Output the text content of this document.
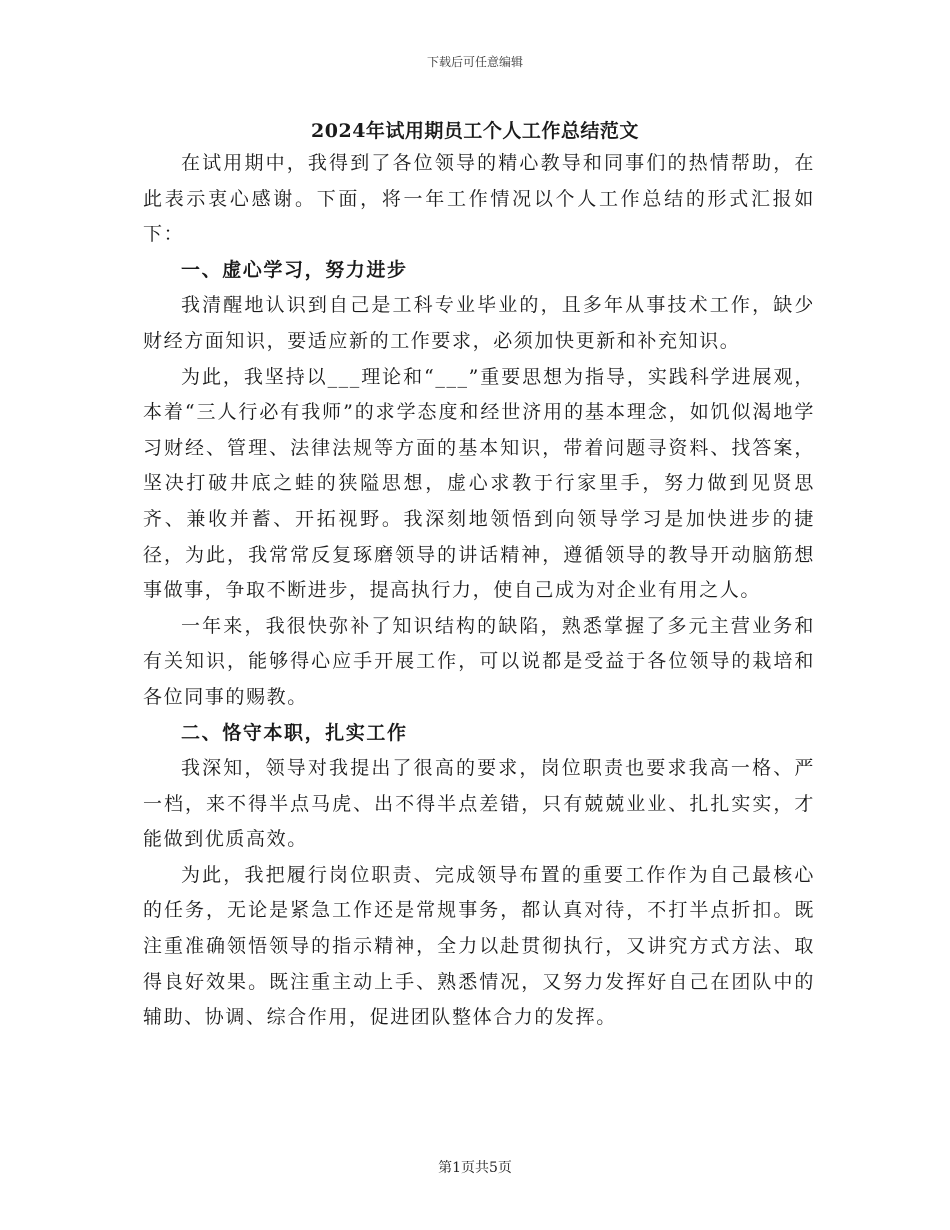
下载后可任意编辑
2024年试用期员工个人工作总结范文

在试用期中，我得到了各位领导的精心教导和同事们的热情帮助，在此表示衷心感谢。下面，将一年工作情况以个人工作总结的形式汇报如下：

一、虚心学习，努力进步

我清醒地认识到自己是工科专业毕业的，且多年从事技术工作，缺少财经方面知识，要适应新的工作要求，必须加快更新和补充知识。

为此，我坚持以___理论和“___”重要思想为指导，实践科学进展观，本着“三人行必有我师”的求学态度和经世济用的基本理念，如饥似渴地学习财经、管理、法律法规等方面的基本知识，带着问题寻资料、找答案，坚决打破井底之蛙的狭隘思想，虚心求教于行家里手，努力做到见贤思齐、兼收并蓄、开拓视野。我深刻地领悟到向领导学习是加快进步的捷径，为此，我常常反复琢磨领导的讲话精神，遵循领导的教导开动脑筋想事做事，争取不断进步，提高执行力，使自己成为对企业有用之人。

一年来，我很快弥补了知识结构的缺陷，熟悉掌握了多元主营业务和有关知识，能够得心应手开展工作，可以说都是受益于各位领导的栽培和各位同事的赐教。

二、恪守本职，扎实工作

我深知，领导对我提出了很高的要求，岗位职责也要求我高一格、严一档，来不得半点马虎、出不得半点差错，只有兢兢业业、扎扎实实，才能做到优质高效。

为此，我把履行岗位职责、完成领导布置的重要工作作为自己最核心的任务，无论是紧急工作还是常规事务，都认真对待，不打半点折扣。既注重准确领悟领导的指示精神，全力以赴贯彻执行，又讲究方式方法、取得良好效果。既注重主动上手、熟悉情况，又努力发挥好自己在团队中的辅助、协调、综合作用，促进团队整体合力的发挥。

第1页共5页
